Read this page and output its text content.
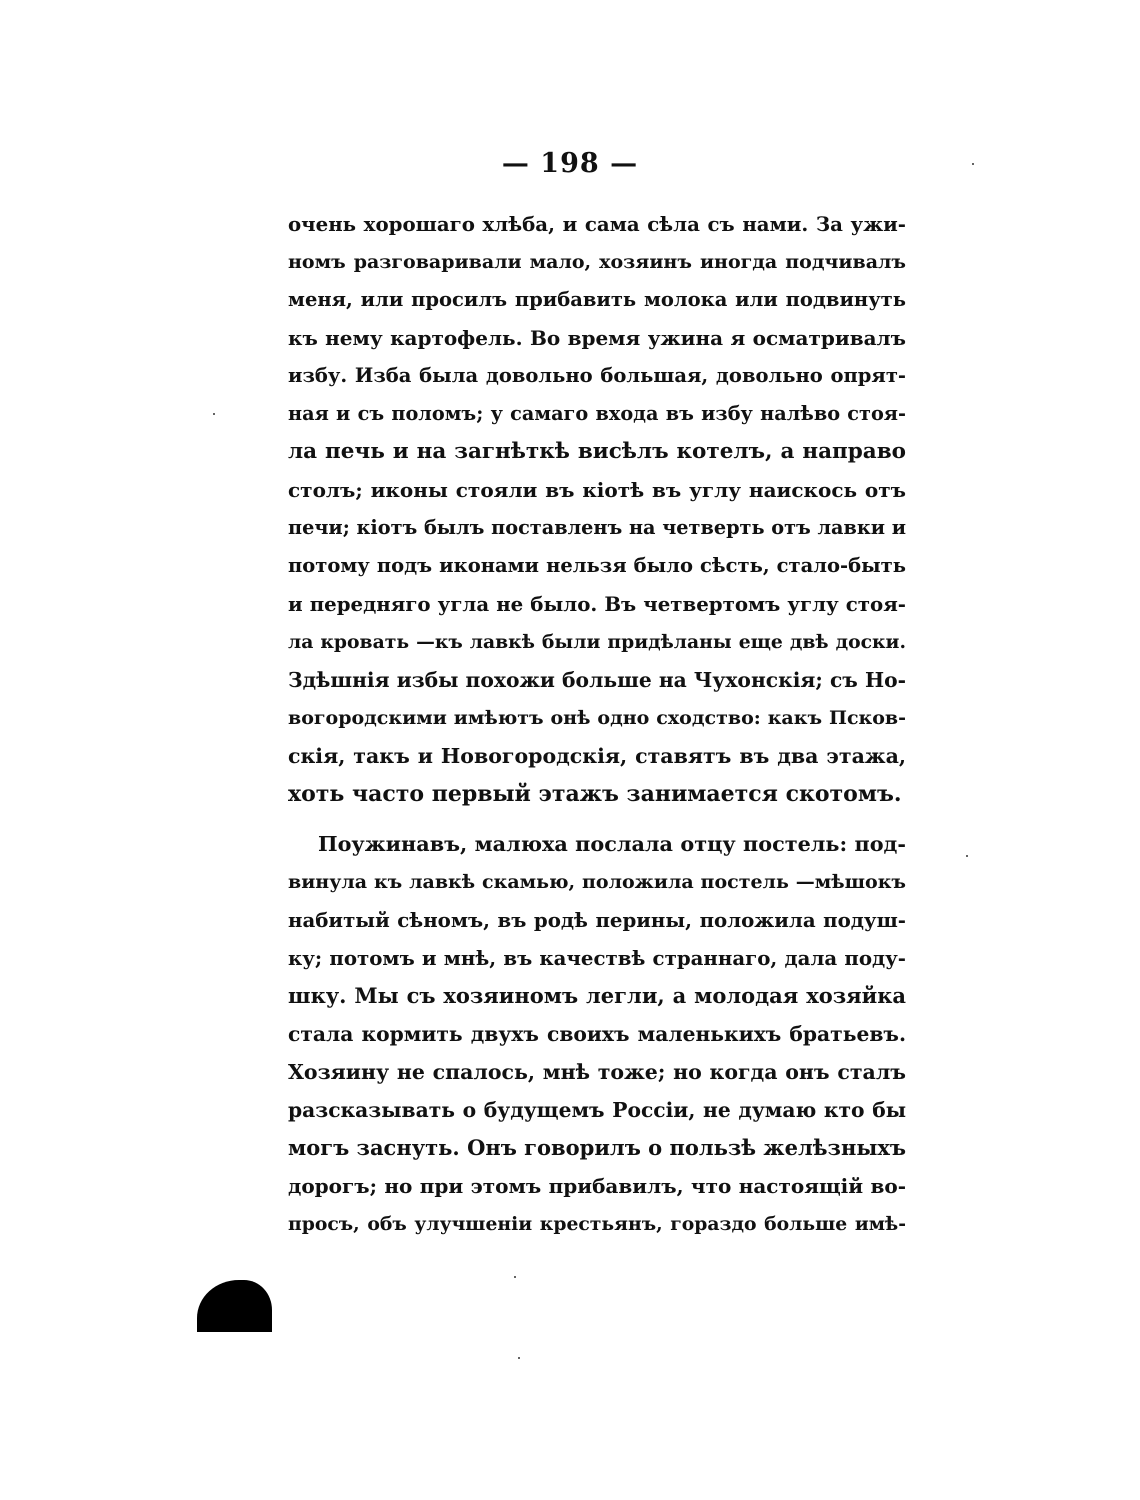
— 198 —

очень хорошаго хлѣба, и сама сѣла съ нами. За ужи-
номъ разговаривали мало, хозяинъ иногда подчивалъ
меня, или просилъ прибавить молока или подвинуть
къ нему картофель. Во время ужина я осматривалъ
избу. Изба была довольно большая, довольно опрят-
ная и съ поломъ; у самаго входа въ избу налѣво стоя-
ла печь и на загнѣткѣ висѣлъ котелъ, а направо
столъ; иконы стояли въ кіотѣ въ углу наискось отъ
печи; кіотъ былъ поставленъ на четверть отъ лавки и
потому подъ иконами нельзя было сѣсть, стало-быть
и передняго угла не было. Въ четвертомъ углу стоя-
ла кровать —къ лавкѣ были придѣланы еще двѣ доски.
Здѣшнія избы похожи больше на Чухонскія; съ Но-
вогородскими имѣютъ онѣ одно сходство: какъ Псков-
скія, такъ и Новогородскія, ставятъ въ два этажа,
хоть часто первый этажъ занимается скотомъ.

Поужинавъ, малюха послала отцу постель: под-
винула къ лавкѣ скамью, положила постель —мѣшокъ
набитый сѣномъ, въ родѣ перины, положила подуш-
ку; потомъ и мнѣ, въ качествѣ страннаго, дала поду-
шку. Мы съ хозяиномъ легли, а молодая хозяйка
стала кормить двухъ своихъ маленькихъ братьевъ.
Хозяину не спалось, мнѣ тоже; но когда онъ сталъ
разсказывать о будущемъ Россіи, не думаю кто бы
могъ заснуть. Онъ говорилъ о пользѣ желѣзныхъ
дорогъ; но при этомъ прибавилъ, что настоящій во-
просъ, объ улучшеніи крестьянъ, гораздо больше имѣ-
